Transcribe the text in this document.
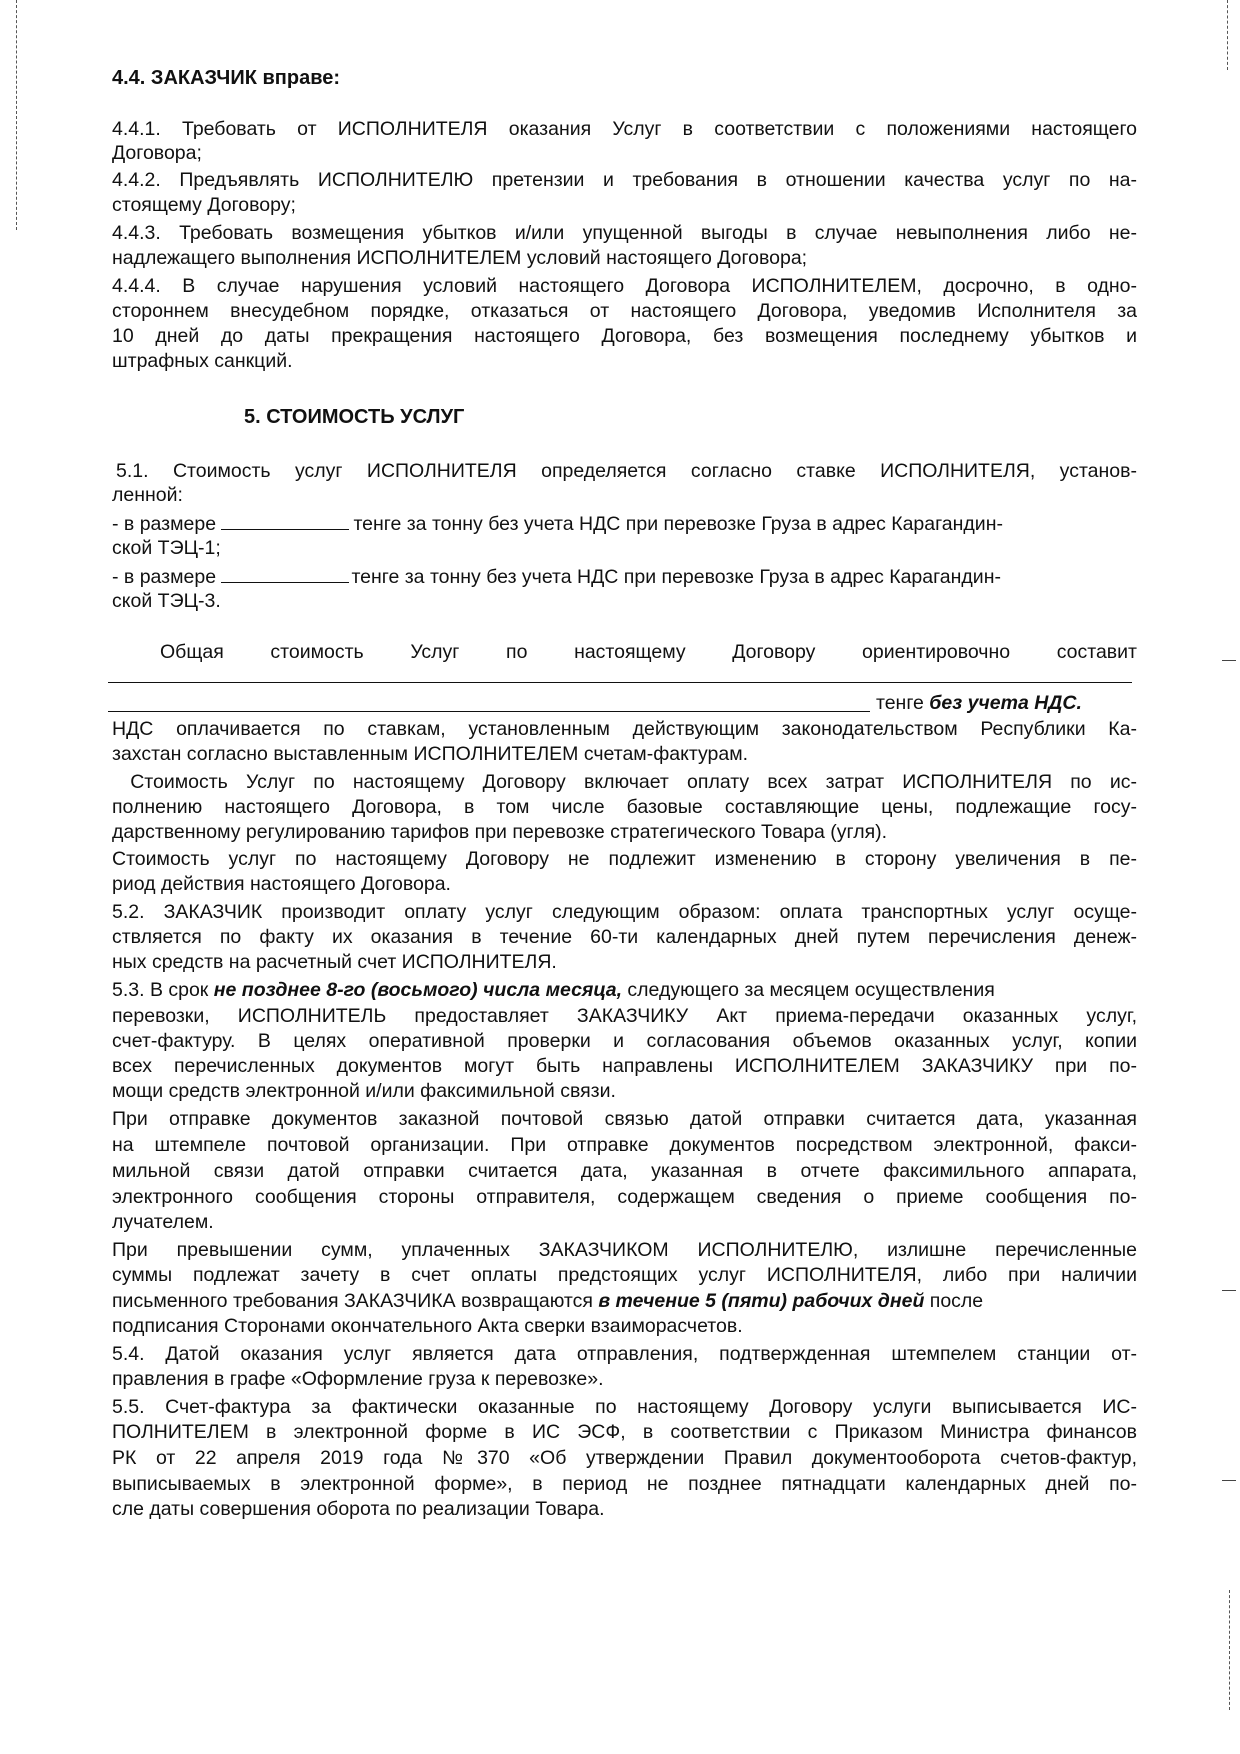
4.4. ЗАКАЗЧИК вправе:
4.4.1. Требовать от ИСПОЛНИТЕЛЯ оказания Услуг в соответствии с положениями настоящего
Договора;
4.4.2. Предъявлять ИСПОЛНИТЕЛЮ претензии и требования в отношении качества услуг по на-
стоящему Договору;
4.4.3. Требовать возмещения убытков и/или упущенной выгоды в случае невыполнения либо не-
надлежащего выполнения ИСПОЛНИТЕЛЕМ условий настоящего Договора;
4.4.4. В случае нарушения условий настоящего Договора ИСПОЛНИТЕЛЕМ, досрочно, в одно-
стороннем внесудебном порядке, отказаться от настоящего Договора, уведомив Исполнителя за
10 дней до даты прекращения настоящего Договора, без возмещения последнему убытков и
штрафных санкций.
5. СТОИМОСТЬ УСЛУГ
5.1. Стоимость услуг ИСПОЛНИТЕЛЯ определяется согласно ставке ИСПОЛНИТЕЛЯ, установ-
ленной:
- в размере	тенге за тонну без учета НДС при перевозке Груза в адрес Карагандин-
ской ТЭЦ-1;
- в размере	тенге за тонну без учета НДС при перевозке Груза в адрес Карагандин-
ской ТЭЦ-3.
Общая стоимость Услуг по настоящему Договору ориентировочно составит
тенге без учета НДС.
НДС оплачивается по ставкам, установленным действующим законодательством Республики Ка-
захстан согласно выставленным ИСПОЛНИТЕЛЕМ счетам-фактурам.
Стоимость Услуг по настоящему Договору включает оплату всех затрат ИСПОЛНИТЕЛЯ по ис-
полнению настоящего Договора, в том числе базовые составляющие цены, подлежащие госу-
дарственному регулированию тарифов при перевозке стратегического Товара (угля).
Стоимость услуг по настоящему Договору не подлежит изменению в сторону увеличения в пе-
риод действия настоящего Договора.
5.2. ЗАКАЗЧИК производит оплату услуг следующим образом: оплата транспортных услуг осуще-
ствляется по факту их оказания в течение 60-ти календарных дней путем перечисления денеж-
ных средств на расчетный счет ИСПОЛНИТЕЛЯ.
5.3. В срок не позднее 8-го (восьмого) числа месяца, следующего за месяцем осуществления
перевозки, ИСПОЛНИТЕЛЬ предоставляет ЗАКАЗЧИКУ Акт приема-передачи оказанных услуг,
счет-фактуру. В целях оперативной проверки и согласования объемов оказанных услуг, копии
всех перечисленных документов могут быть направлены ИСПОЛНИТЕЛЕМ ЗАКАЗЧИКУ при по-
мощи средств электронной и/или факсимильной связи.
При отправке документов заказной почтовой связью датой отправки считается дата, указанная
на штемпеле почтовой организации. При отправке документов посредством электронной, факси-
мильной связи датой отправки считается дата, указанная в отчете факсимильного аппарата,
электронного сообщения стороны отправителя, содержащем сведения о приеме сообщения по-
лучателем.
При превышении сумм, уплаченных ЗАКАЗЧИКОМ ИСПОЛНИТЕЛЮ, излишне перечисленные
суммы подлежат зачету в счет оплаты предстоящих услуг ИСПОЛНИТЕЛЯ, либо при наличии
письменного требования ЗАКАЗЧИКА возвращаются в течение 5 (пяти) рабочих дней после
подписания Сторонами окончательного Акта сверки взаиморасчетов.
5.4. Датой оказания услуг является дата отправления, подтвержденная штемпелем станции от-
правления в графе «Оформление груза к перевозке».
5.5. Счет-фактура за фактически оказанные по настоящему Договору услуги выписывается ИС-
ПОЛНИТЕЛЕМ в электронной форме в ИС ЭСФ, в соответствии с Приказом Министра финансов
РК от 22 апреля 2019 года №370 «Об утверждении Правил документооборота счетов-фактур,
выписываемых в электронной форме», в период не позднее пятнадцати календарных дней по-
сле даты совершения оборота по реализации Товара.
